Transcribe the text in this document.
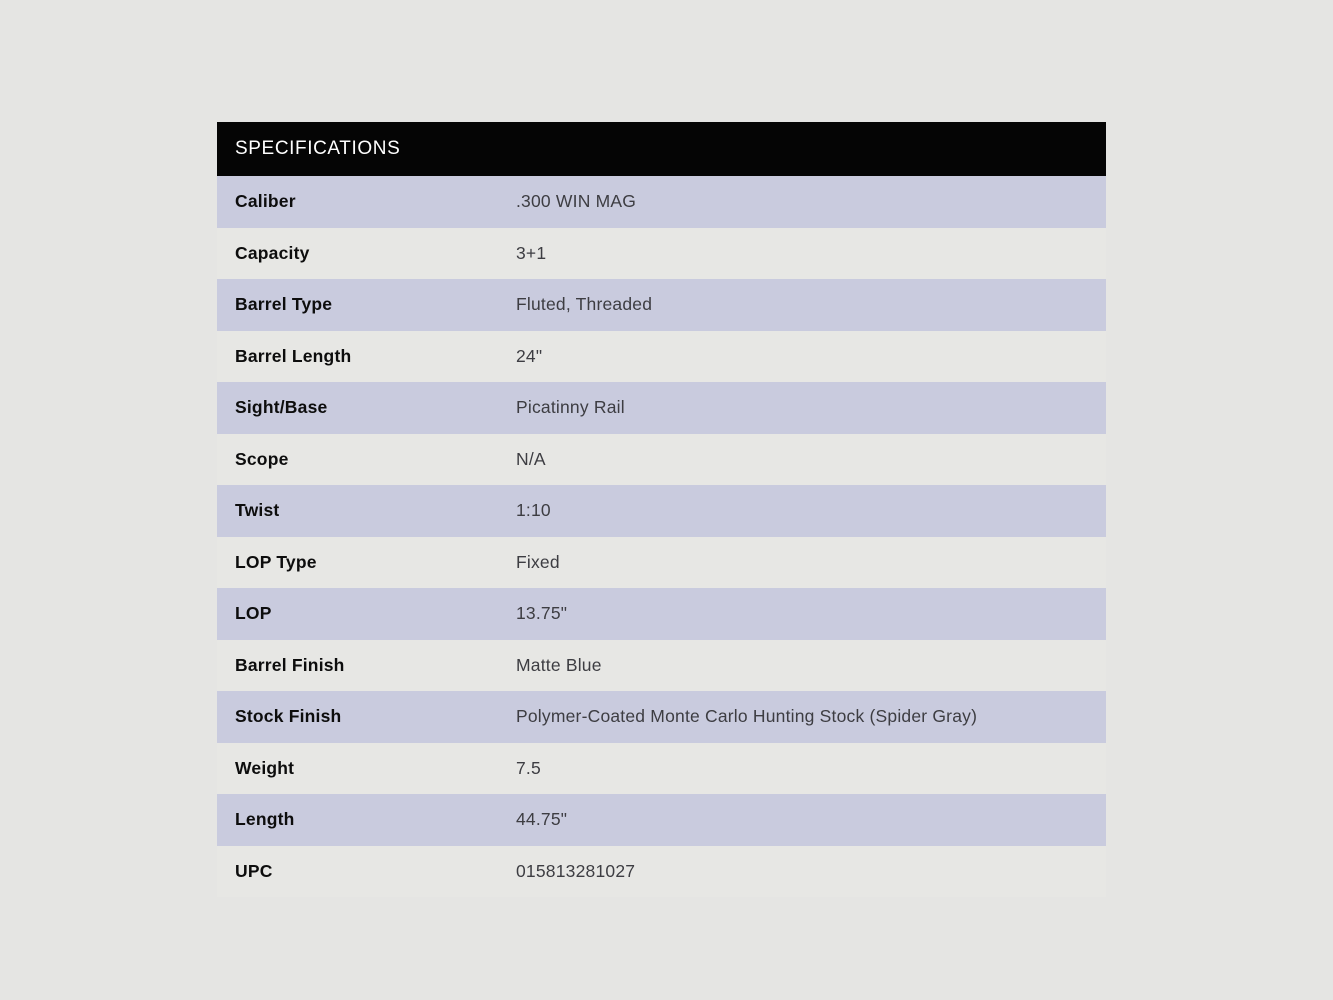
SPECIFICATIONS
Caliber	.300 WIN MAG
Capacity	3+1
Barrel Type	Fluted, Threaded
Barrel Length	24"
Sight/Base	Picatinny Rail
Scope	N/A
Twist	1:10
LOP Type	Fixed
LOP	13.75"
Barrel Finish	Matte Blue
Stock Finish	Polymer-Coated Monte Carlo Hunting Stock (Spider Gray)
Weight	7.5
Length	44.75"
UPC	015813281027
